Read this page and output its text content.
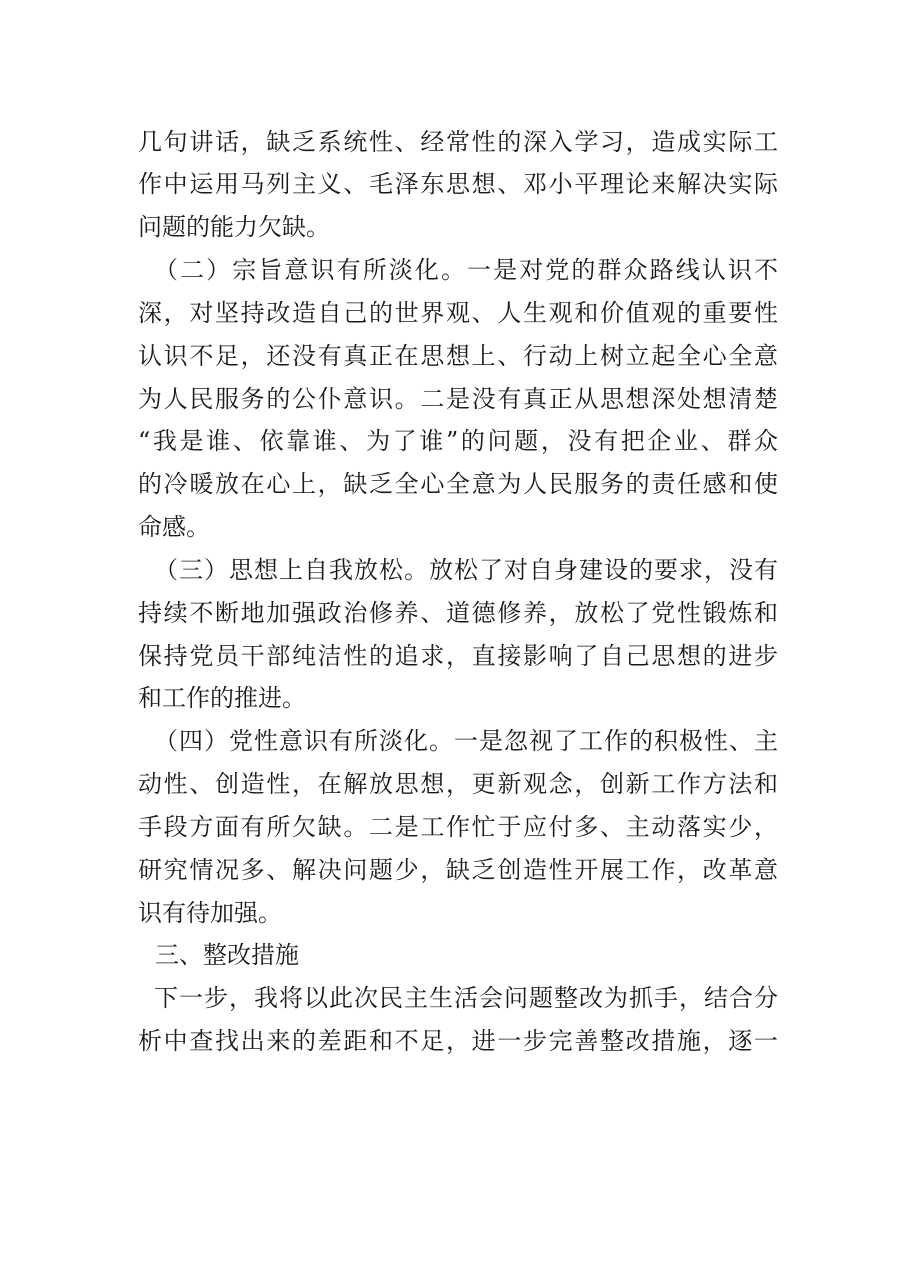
几句讲话，缺乏系统性、经常性的深入学习，造成实际工
作中运用马列主义、毛泽东思想、邓小平理论来解决实际
问题的能力欠缺。
（二）宗旨意识有所淡化。一是对党的群众路线认识不
深，对坚持改造自己的世界观、人生观和价值观的重要性
认识不足，还没有真正在思想上、行动上树立起全心全意
为人民服务的公仆意识。二是没有真正从思想深处想清楚
“我是谁、依靠谁、为了谁”的问题，没有把企业、群众
的冷暖放在心上，缺乏全心全意为人民服务的责任感和使
命感。
（三）思想上自我放松。放松了对自身建设的要求，没有
持续不断地加强政治修养、道德修养，放松了党性锻炼和
保持党员干部纯洁性的追求，直接影响了自己思想的进步
和工作的推进。
（四）党性意识有所淡化。一是忽视了工作的积极性、主
动性、创造性，在解放思想，更新观念，创新工作方法和
手段方面有所欠缺。二是工作忙于应付多、主动落实少，
研究情况多、解决问题少，缺乏创造性开展工作，改革意
识有待加强。
三、整改措施
下一步，我将以此次民主生活会问题整改为抓手，结合分
析中查找出来的差距和不足，进一步完善整改措施，逐一
